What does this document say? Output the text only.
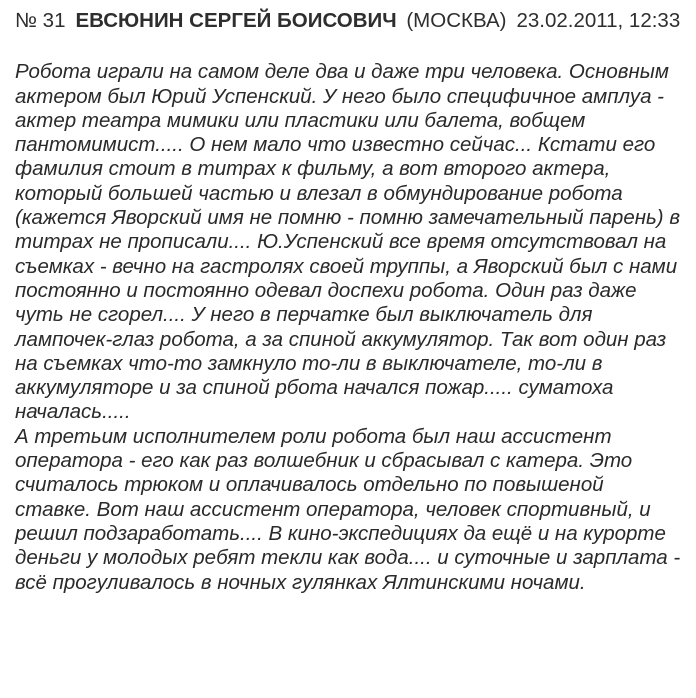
№ 31 ЕВСЮНИН СЕРГЕЙ БОИСОВИЧ (МОСКВА) 23.02.2011, 12:33

Робота играли на самом деле два и даже три человека. Основным актером был Юрий Успенский. У него было специфичное амплуа - актер театра мимики или пластики или балета, вобщем пантомимист..... О нем мало что известно сейчас... Кстати его фамилия стоит в титрах к фильму, а вот второго актера, который большей частью и влезал в обмундирование робота (кажется Яворский имя не помню - помню замечательный парень) в титрах не прописали.... Ю.Успенский все время отсутствовал на съемках - вечно на гастролях своей труппы, а Яворский был с нами постоянно и постоянно одевал доспехи робота. Один раз даже чуть не сгорел.... У него в перчатке был выключатель для лампочек-глаз робота, а за спиной аккумулятор. Так вот один раз на съемках что-то замкнуло то-ли в выключателе, то-ли в аккумуляторе и за спиной рбота начался пожар..... суматоха началась.....
А третьим исполнителем роли робота был наш ассистент оператора - его как раз волшебник и сбрасывал с катера. Это считалось трюком и оплачивалось отдельно по повышеной ставке. Вот наш ассистент оператора, человек спортивный, и решил подзаработать.... В кино-экспедициях да ещё и на курорте деньги у молодых ребят текли как вода.... и суточные и зарплата - всё прогуливалось в ночных гулянках Ялтинскими ночами.
